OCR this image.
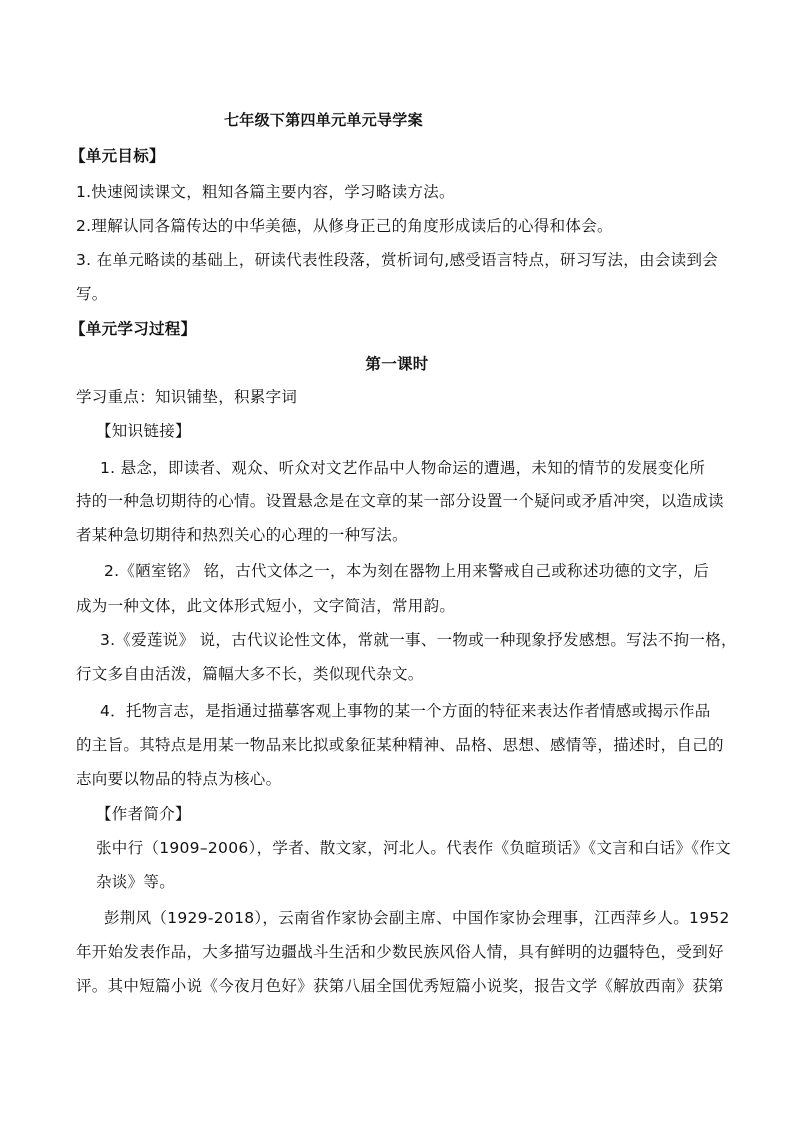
七年级下第四单元单元导学案
【单元目标】
1.快速阅读课文，粗知各篇主要内容，学习略读方法。
2.理解认同各篇传达的中华美德，从修身正己的角度形成读后的心得和体会。
3. 在单元略读的基础上，研读代表性段落，赏析词句,感受语言特点，研习写法，由会读到会
写。
【单元学习过程】
第一课时
学习重点：知识铺垫，积累字词
【知识链接】
1. 悬念，即读者、观众、听众对文艺作品中人物命运的遭遇，未知的情节的发展变化所
持的一种急切期待的心情。设置悬念是在文章的某一部分设置一个疑问或矛盾冲突，以造成读
者某种急切期待和热烈关心的心理的一种写法。
2.《陋室铭》 铭，古代文体之一，本为刻在器物上用来警戒自己或称述功德的文字，后
成为一种文体，此文体形式短小，文字简洁，常用韵。
3.《爱莲说》 说，古代议论性文体，常就一事、一物或一种现象抒发感想。写法不拘一格，
行文多自由活泼，篇幅大多不长，类似现代杂文。
4．托物言志，是指通过描摹客观上事物的某一个方面的特征来表达作者情感或揭示作品
的主旨。其特点是用某一物品来比拟或象征某种精神、品格、思想、感情等，描述时，自己的
志向要以物品的特点为核心。
【作者简介】
张中行（1909–2006），学者、散文家，河北人。代表作《负暄琐话》《文言和白话》《作文
杂谈》等。
彭荆风（1929-2018），云南省作家协会副主席、中国作家协会理事，江西萍乡人。1952
年开始发表作品，大多描写边疆战斗生活和少数民族风俗人情，具有鲜明的边疆特色，受到好
评。其中短篇小说《今夜月色好》获第八届全国优秀短篇小说奖，报告文学《解放西南》获第
